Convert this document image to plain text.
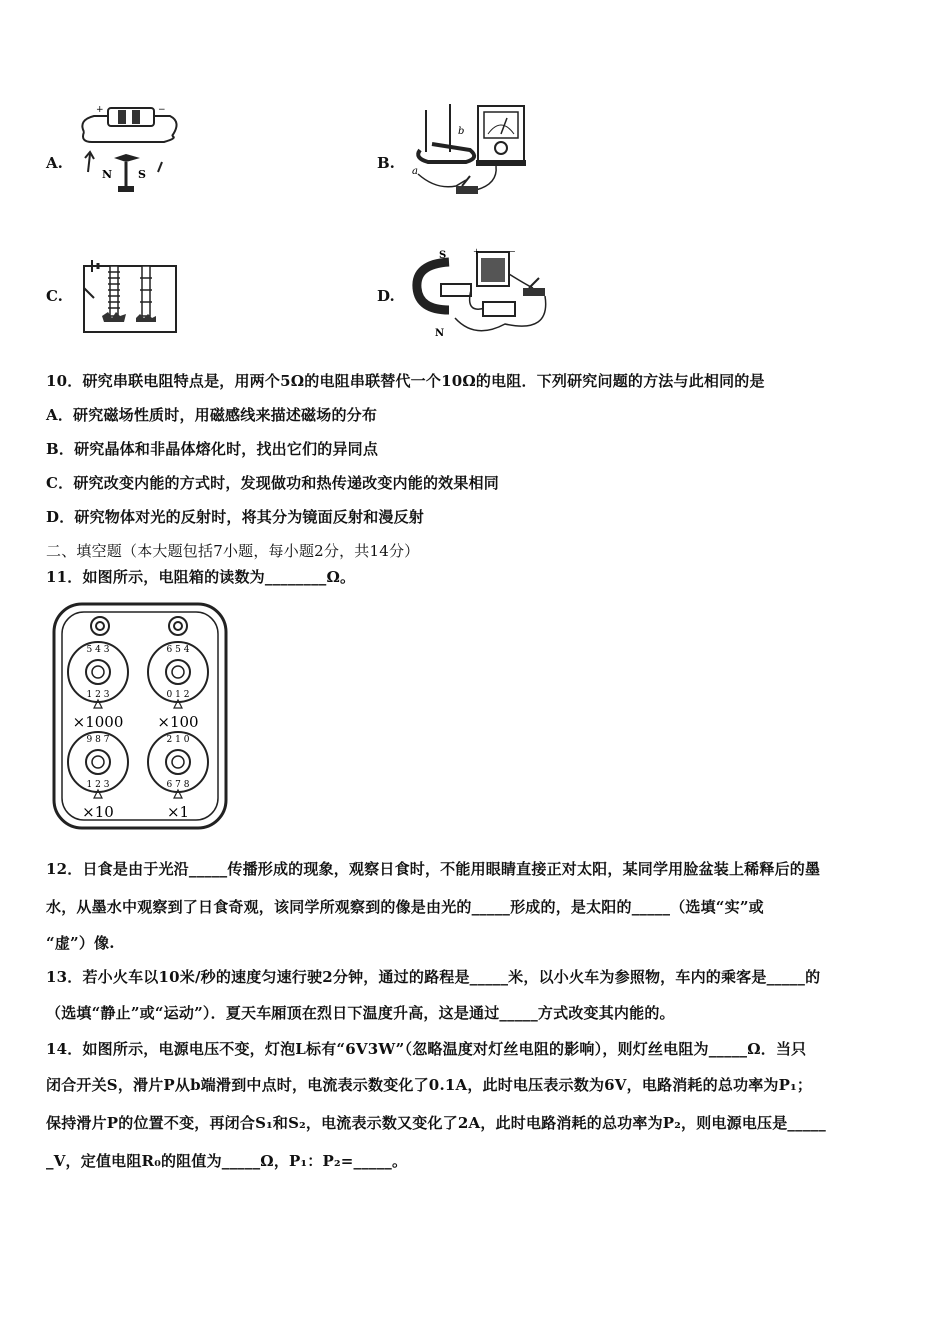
A.	B.
C.	D.
+	−
N S
b
a
S
N
+	−
10．研究串联电阻特点是，用两个5Ω的电阻串联替代一个10Ω的电阻．下列研究问题的方法与此相同的是
A．研究磁场性质时，用磁感线来描述磁场的分布
B．研究晶体和非晶体熔化时，找出它们的异同点
C．研究改变内能的方式时，发现做功和热传递改变内能的效果相同
D．研究物体对光的反射时，将其分为镜面反射和漫反射
二、填空题（本大题包括7小题，每小题2分，共14分）
11．如图所示，电阻箱的读数为________Ω。
5 4 3
1 2 3
6 5 4
0 1 2
9 8 7
1 2 3
2 1 0
6 7 8
×1000 ×100
×10	×1
12．日食是由于光沿_____传播形成的现象，观察日食时，不能用眼睛直接正对太阳，某同学用脸盆装上稀释后的墨
水，从墨水中观察到了日食奇观，该同学所观察到的像是由光的_____形成的，是太阳的_____（选填“实”或
“虚”）像.
13．若小火车以10米/秒的速度匀速行驶2分钟，通过的路程是_____米，以小火车为参照物，车内的乘客是_____的
（选填“静止”或“运动”）．夏天车厢顶在烈日下温度升高，这是通过_____方式改变其内能的。
14．如图所示，电源电压不变，灯泡L标有“6V3W”（忽略温度对灯丝电阻的影响），则灯丝电阻为_____Ω．当只
闭合开关S，滑片P从b端滑到中点时，电流表示数变化了0.1A，此时电压表示数为6V，电路消耗的总功率为P₁；
保持滑片P的位置不变，再闭合S₁和S₂，电流表示数又变化了2A，此时电路消耗的总功率为P₂，则电源电压是_____
_V，定值电阻R₀的阻值为_____Ω，P₁：P₂=_____。
